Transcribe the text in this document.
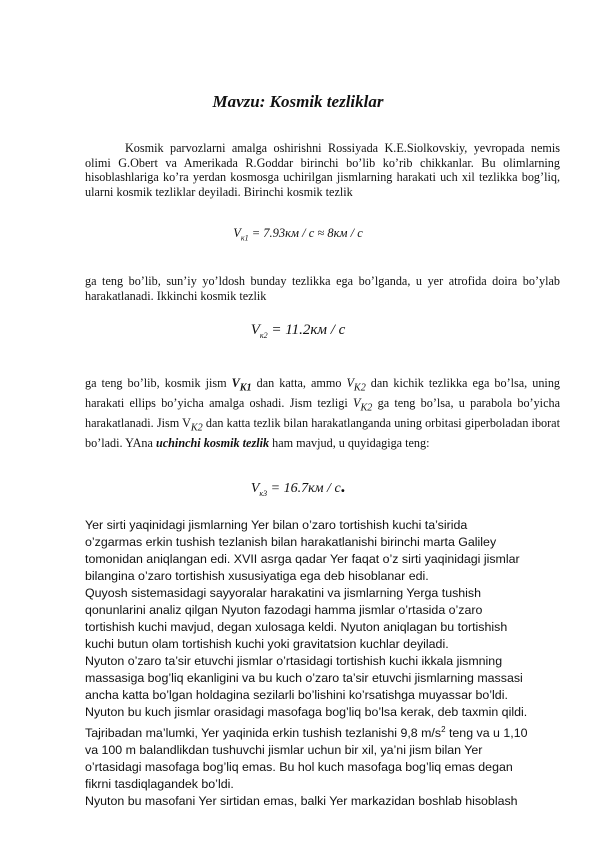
Mavzu: Kosmik tezliklar

Kosmik parvozlarni amalga oshirishni Rossiyada K.E.Siolkovskiy, yevropada nemis olimi G.Obert va Amerikada R.Goddar birinchi bo’lib ko’rib chikkanlar. Bu olimlarning hisoblashlariga ko’ra yerdan kosmosga uchirilgan jismlarning harakati uch xil tezlikka bog’liq, ularni kosmik tezliklar deyiladi. Birinchi kosmik tezlik

$V_{к1} = 7.93км / с \approx 8км / с$

ga teng bo’lib, sun’iy yo’ldosh bunday tezlikka ega bo’lganda, u yer atrofida doira bo’ylab harakatlanadi. Ikkinchi kosmik tezlik

$V_{к2} = 11.2км / с$

ga teng bo’lib, kosmik jism $V_{K1}$ dan katta, ammo $V_{K2}$ dan kichik tezlikka ega bo’lsa, uning harakati ellips bo’yicha amalga oshadi. Jism tezligi $V_{K2}$ ga teng bo’lsa, u parabola bo’yicha harakatlanadi. Jism $V_{K2}$ dan katta tezlik bilan harakatlanganda uning orbitasi giperboladan iborat bo’ladi. YAna uchinchi kosmik tezlik ham mavjud, u quyidagiga teng:

$V_{к3} = 16.7км / с$.

Yer sirti yaqinidagi jismlarning Yer bilan o’zaro tortishish kuchi ta’sirida
o’zgarmas erkin tushish tezlanish bilan harakatlanishi birinchi marta Galiley
tomonidan aniqlangan edi. XVII asrga qadar Yer faqat o’z sirti yaqinidagi jismlar
bilangina o’zaro tortishish xususiyatiga ega deb hisoblanar edi.
Quyosh sistemasidagi sayyoralar harakatini va jismlarning Yerga tushish
qonunlarini analiz qilgan Nyuton fazodagi hamma jismlar o’rtasida o’zaro
tortishish kuchi mavjud, degan xulosaga keldi. Nyuton aniqlagan bu tortishish
kuchi butun olam tortishish kuchi yoki gravitatsion kuchlar deyiladi.
Nyuton o’zaro ta’sir etuvchi jismlar o’rtasidagi tortishish kuchi ikkala jismning
massasiga bog’liq ekanligini va bu kuch o’zaro ta’sir etuvchi jismlarning massasi
ancha katta bo’lgan holdagina sezilarli bo’lishini ko’rsatishga muyassar bo’ldi.
Nyuton bu kuch jismlar orasidagi masofaga bog’liq bo’lsa kerak, deb taxmin qildi.
Tajribadan ma’lumki, Yer yaqinida erkin tushish tezlanishi 9,8 $m/s^2$ teng va u 1,10
va 100 m balandlikdan tushuvchi jismlar uchun bir xil, ya’ni jism bilan Yer
o’rtasidagi masofaga bog’liq emas. Bu hol kuch masofaga bog’liq emas degan
fikrni tasdiqlagandek bo’ldi.
Nyuton bu masofani Yer sirtidan emas, balki Yer markazidan boshlab hisoblash
